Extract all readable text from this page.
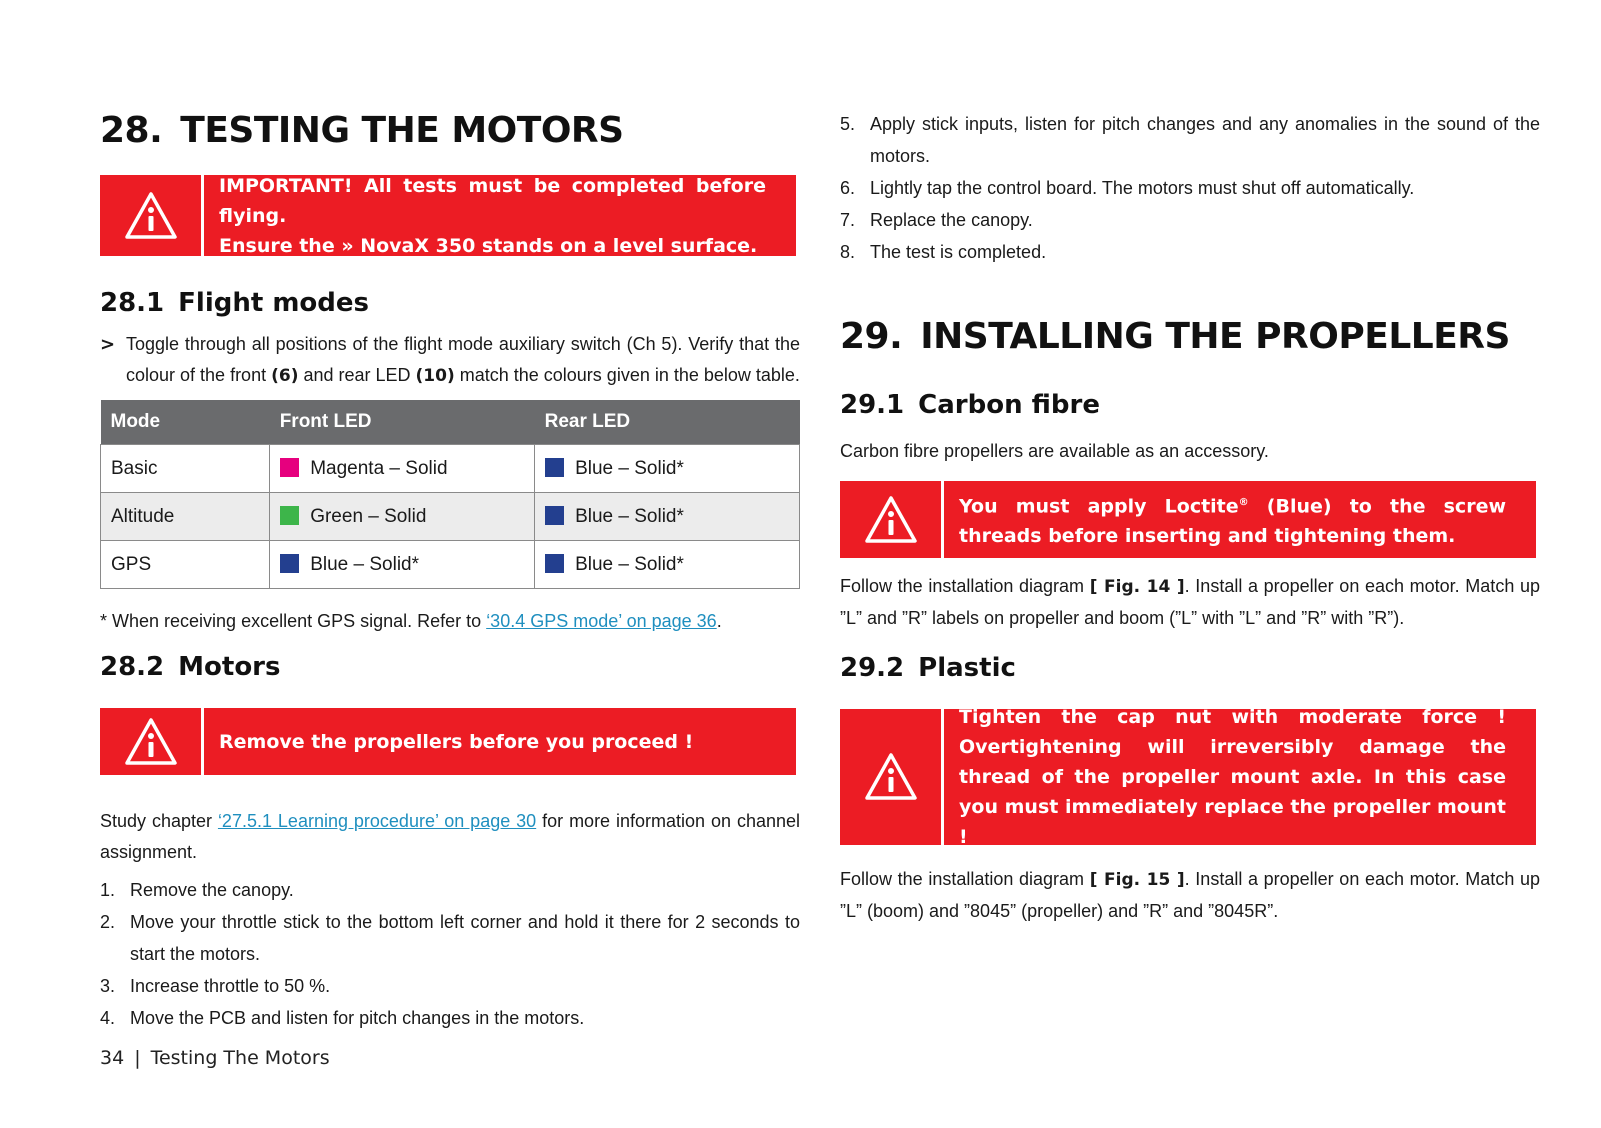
28. TESTING THE MOTORS
IMPORTANT! All tests must be completed before flying.
Ensure the » NovaX 350 stands on a level surface.
28.1 Flight modes
> Toggle through all positions of the flight mode auxiliary switch (Ch 5). Verify that the colour of the front (6) and rear LED (10) match the colours given in the below table.
Mode	Front LED	Rear LED
Basic	Magenta – Solid	Blue – Solid*
Altitude	Green – Solid	Blue – Solid*
GPS	Blue – Solid*	Blue – Solid*
* When receiving excellent GPS signal. Refer to ‘30.4 GPS mode’ on page 36.
28.2 Motors
Remove the propellers before you proceed !
Study chapter ‘27.5.1 Learning procedure’ on page 30 for more information on channel assignment.
1. Remove the canopy.
2. Move your throttle stick to the bottom left corner and hold it there for 2 seconds to start the motors.
3. Increase throttle to 50 %.
4. Move the PCB and listen for pitch changes in the motors.
5. Apply stick inputs, listen for pitch changes and any anomalies in the sound of the motors.
6. Lightly tap the control board. The motors must shut off automatically.
7. Replace the canopy.
8. The test is completed.
29. INSTALLING THE PROPELLERS
29.1 Carbon fibre
Carbon fibre propellers are available as an accessory.
You must apply Loctite® (Blue) to the screw threads before inserting and tightening them.
Follow the installation diagram [ Fig. 14 ]. Install a propeller on each motor. Match up ”L” and ”R” labels on propeller and boom (”L” with ”L” and ”R” with ”R”).
29.2 Plastic
Tighten the cap nut with moderate force ! Overtightening will irreversibly damage the thread of the propeller mount axle. In this case you must immediately replace the propeller mount !
Follow the installation diagram [ Fig. 15 ]. Install a propeller on each motor. Match up ”L” (boom) and ”8045” (propeller) and ”R” and ”8045R”.
34 | Testing The Motors
